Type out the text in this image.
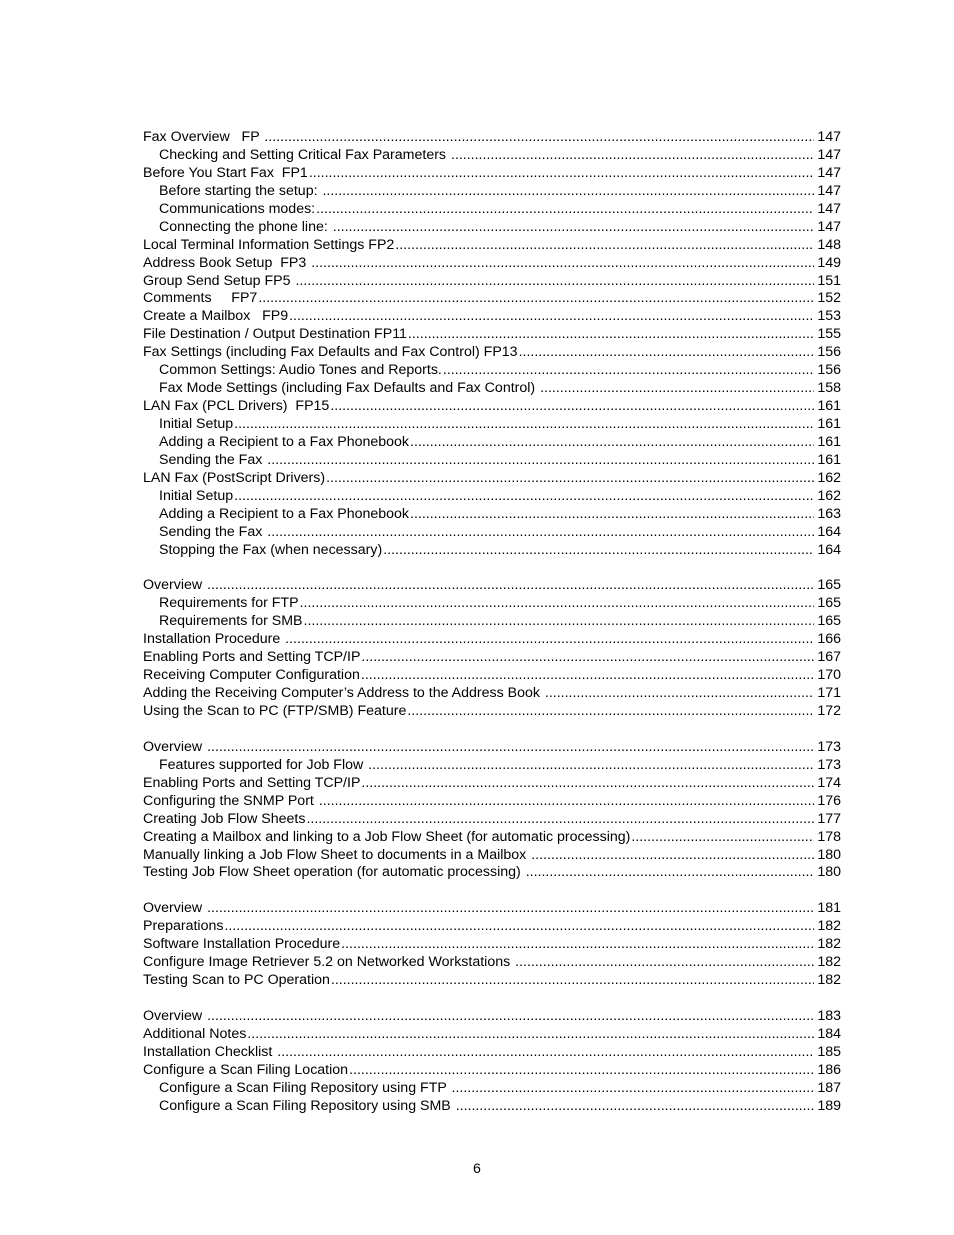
Fax Overview   FP .....	147
Checking and Setting Critical Fax Parameters .....	147
Before You Start Fax  FP1 .....	147
Before starting the setup: .....	147
Communications modes: .....	147
Connecting the phone line: .....	147
Local Terminal Information Settings FP2 .....	148
Address Book Setup  FP3 .....	149
Group Send Setup FP5 .....	151
Comments     FP7 .....	152
Create a Mailbox   FP9 .....	153
File Destination / Output Destination FP11 .....	155
Fax Settings (including Fax Defaults and Fax Control) FP13 .....	156
Common Settings: Audio Tones and Reports. .....	156
Fax Mode Settings (including Fax Defaults and Fax Control) .....	158
LAN Fax (PCL Drivers)  FP15 .....	161
Initial Setup .....	161
Adding a Recipient to a Fax Phonebook .....	161
Sending the Fax .....	161
LAN Fax (PostScript Drivers) .....	162
Initial Setup .....	162
Adding a Recipient to a Fax Phonebook .....	163
Sending the Fax .....	164
Stopping the Fax (when necessary) .....	164
Overview .....	165
Requirements for FTP .....	165
Requirements for SMB .....	165
Installation Procedure .....	166
Enabling Ports and Setting TCP/IP .....	167
Receiving Computer Configuration .....	170
Adding the Receiving Computer’s Address to the Address Book .....	171
Using the Scan to PC (FTP/SMB) Feature .....	172
Overview .....	173
Features supported for Job Flow .....	173
Enabling Ports and Setting TCP/IP .....	174
Configuring the SNMP Port .....	176
Creating Job Flow Sheets .....	177
Creating a Mailbox and linking to a Job Flow Sheet (for automatic processing) .....	178
Manually linking a Job Flow Sheet to documents in a Mailbox .....	180
Testing Job Flow Sheet operation (for automatic processing) .....	180
Overview .....	181
Preparations .....	182
Software Installation Procedure .....	182
Configure Image Retriever 5.2 on Networked Workstations .....	182
Testing Scan to PC Operation .....	182
Overview .....	183
Additional Notes .....	184
Installation Checklist .....	185
Configure a Scan Filing Location .....	186
Configure a Scan Filing Repository using FTP .....	187
Configure a Scan Filing Repository using SMB .....	189
6
